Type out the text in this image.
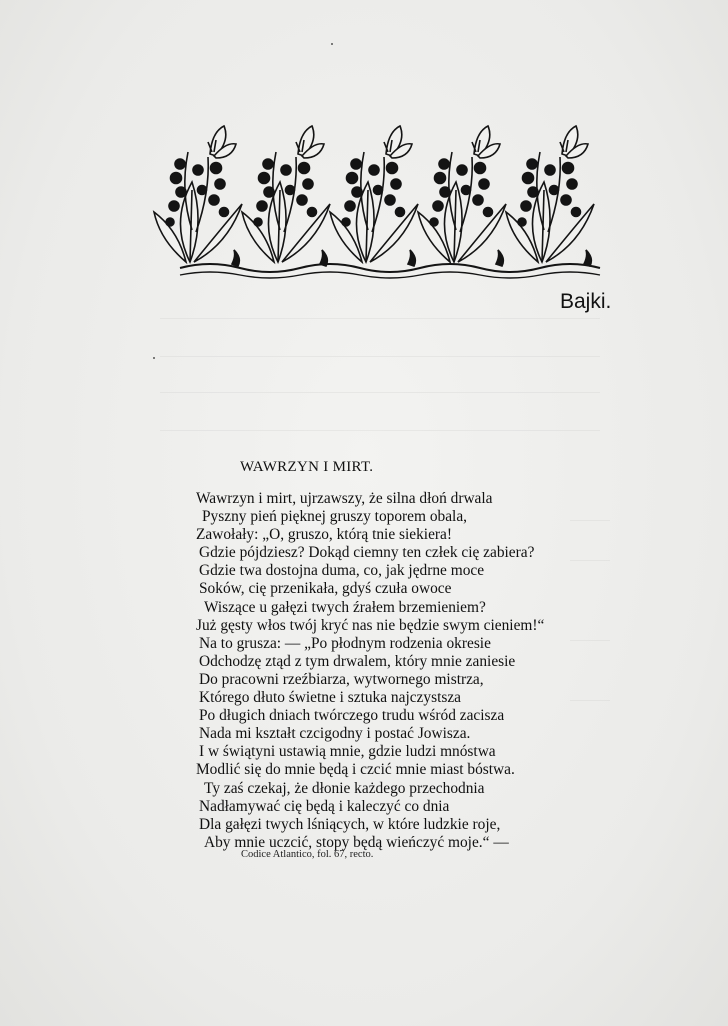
Bajki.
WAWRZYN I MIRT.
Wawrzyn i mirt, ujrzawszy, że silna dłoń drwala
Pyszny pień pięknej gruszy toporem obala,
Zawołały: „O, gruszo, którą tnie siekiera!
Gdzie pójdziesz? Dokąd ciemny ten człek cię zabiera?
Gdzie twa dostojna duma, co, jak jędrne moce
Soków, cię przenikała, gdyś czuła owoce
Wiszące u gałęzi twych źrałem brzemieniem?
Już gęsty włos twój kryć nas nie będzie swym cieniem!“
Na to grusza: — „Po płodnym rodzenia okresie
Odchodzę ztąd z tym drwalem, który mnie zaniesie
Do pracowni rzeźbiarza, wytwornego mistrza,
Którego dłuto świetne i sztuka najczystsza
Po długich dniach twórczego trudu wśród zacisza
Nada mi kształt czcigodny i postać Jowisza.
I w świątyni ustawią mnie, gdzie ludzi mnóstwa
Modlić się do mnie będą i czcić mnie miast bóstwa.
Ty zaś czekaj, że dłonie każdego przechodnia
Nadłamywać cię będą i kaleczyć co dnia
Dla gałęzi twych lśniących, w które ludzkie roje,
Aby mnie uczcić, stopy będą wieńczyć moje.“ —
Codice Atlantico, fol. 67, recto.
